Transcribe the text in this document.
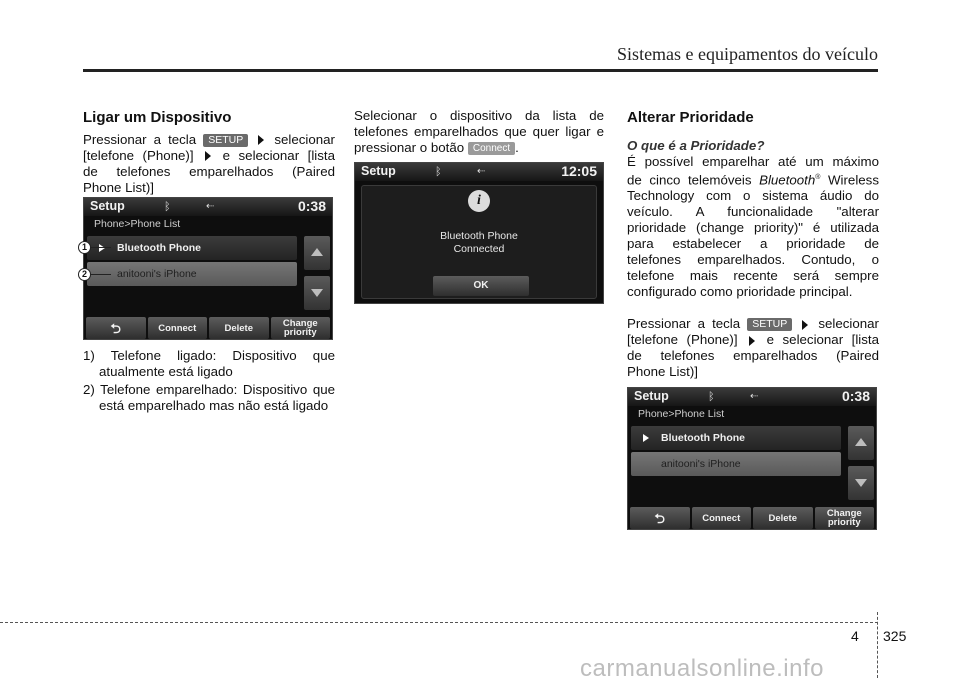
Sistemas e equipamentos do veículo
Ligar um Dispositivo
Pressionar a tecla SETUP selecionar [telefone (Phone)] e selecionar [lista de telefones emparelhados (Paired Phone List)]
Setup	ᛒ	⇠	0:38
Phone>Phone List
Bluetooth Phone
anitooni's iPhone
⮌	Connect	Delete	Change
priority
1
2
1) Telefone ligado: Dispositivo que atualmente está ligado
2) Telefone emparelhado: Dispositivo que está emparelhado mas não está ligado
Selecionar o dispositivo da lista de telefones emparelhados que quer ligar e pressionar o botão Connect .
Setup	ᛒ	⇠	12:05
i
Bluetooth Phone
Connected
OK
Alterar Prioridade
O que é a Prioridade?
É possível emparelhar até um máximo de cinco telemóveis Bluetooth® Wireless Technology com o sistema áudio do veículo. A funcionalidade "alterar prioridade (change priority)" é utilizada para estabelecer a prioridade de telefones emparelhados. Contudo, o telefone mais recente será sempre configurado como prioridade principal.
Pressionar a tecla SETUP selecionar [telefone (Phone)] e selecionar [lista de telefones emparelhados (Paired Phone List)]
Setup	ᛒ	⇠	0:38
Phone>Phone List
Bluetooth Phone
anitooni's iPhone
⮌	Connect	Delete	Change
priority
4 325
carmanualsonline.info
